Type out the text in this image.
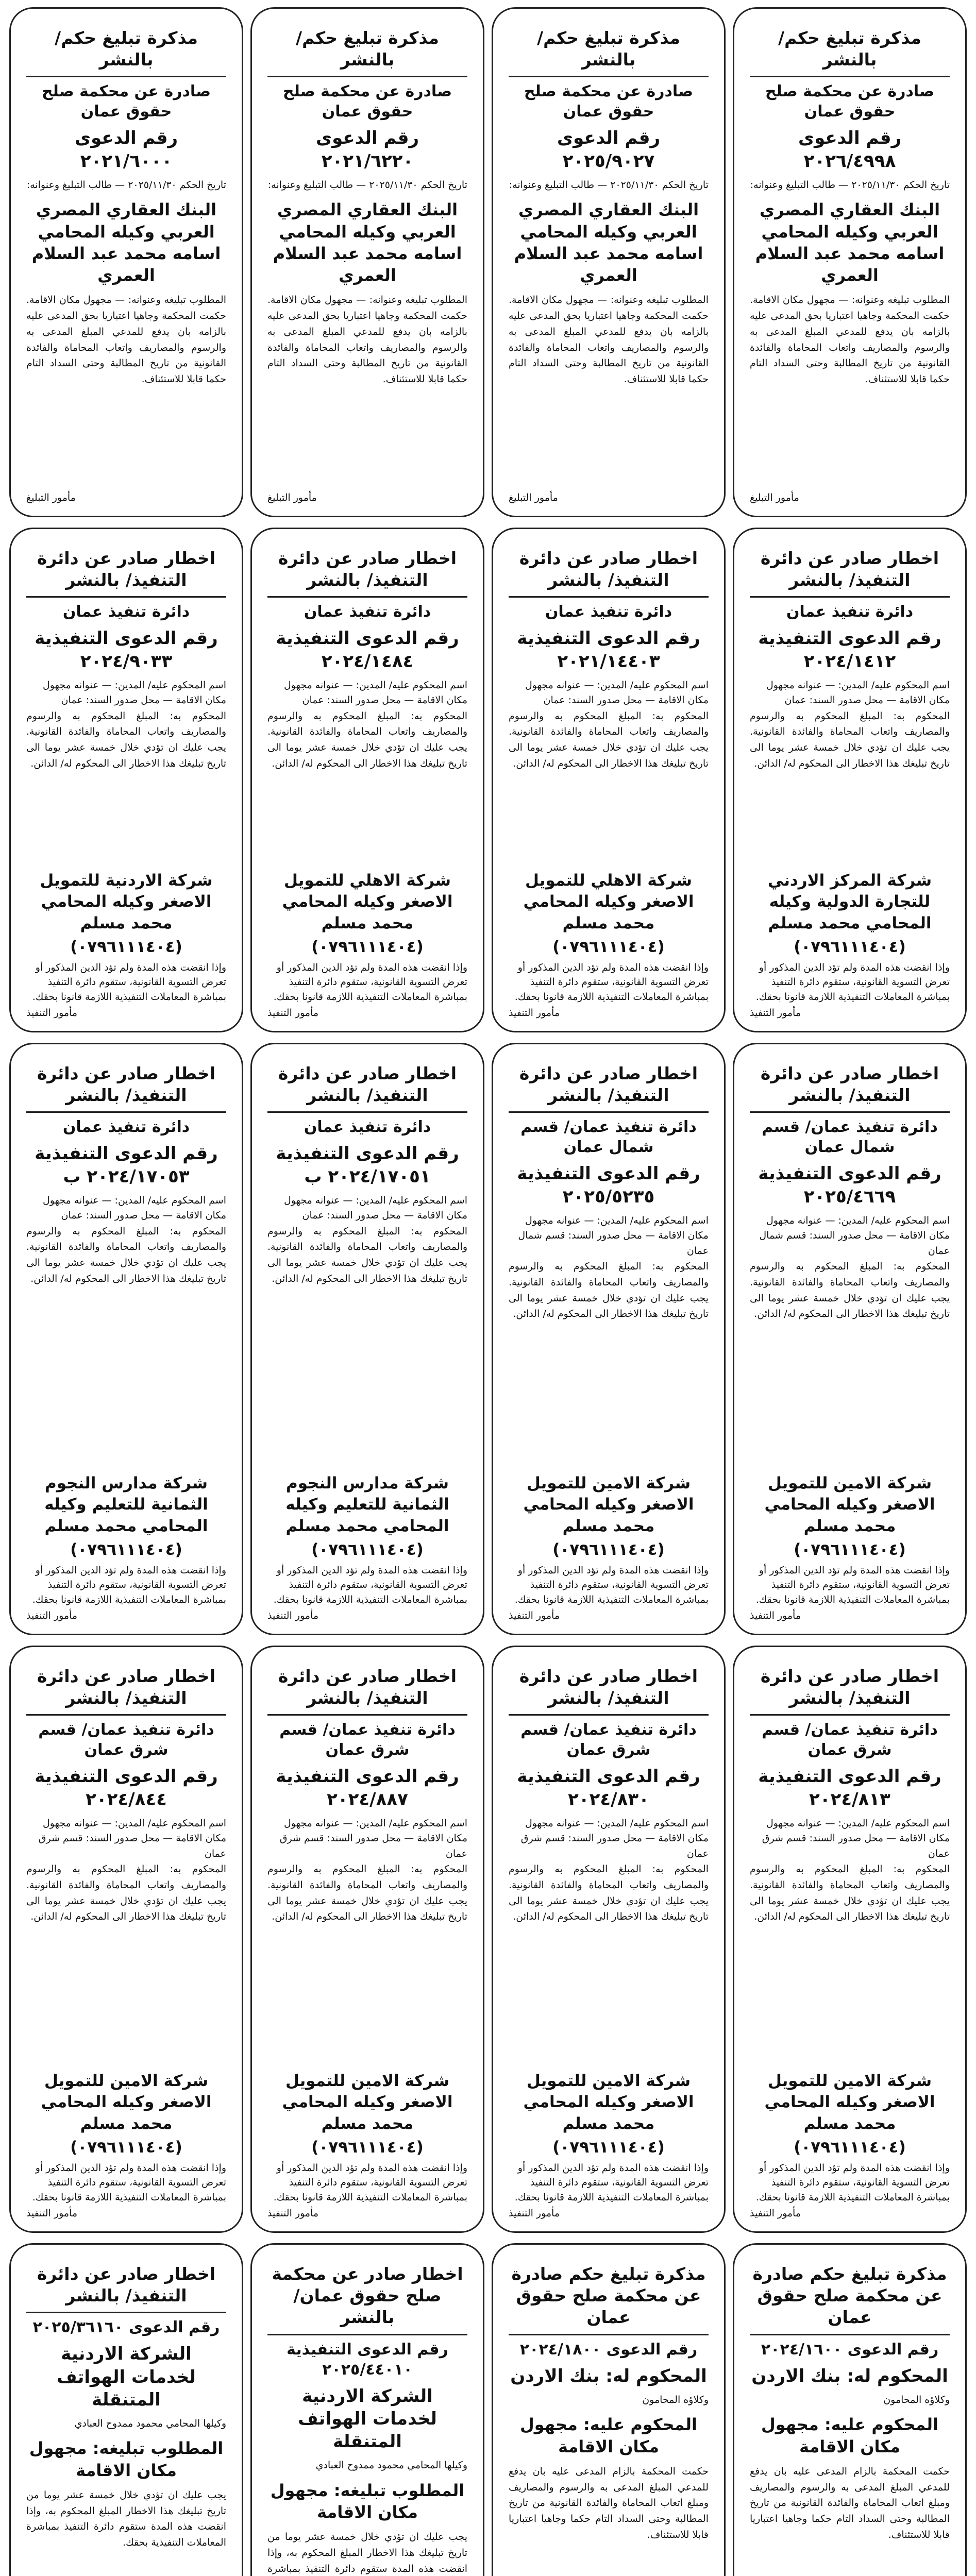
مذكرة تبليغ حكم/ بالنشر
صادرة عن محكمة صلح حقوق عمان
رقم الدعوى ٢٠٢٦/٤٩٩٨
تاريخ الحكم ٢٠٢٥/١١/٣٠ — طالب التبليغ وعنوانه:
البنك العقاري المصري العربي وكيله المحامي اسامه محمد عبد السلام العمري
المطلوب تبليغه وعنوانه: — مجهول مكان الاقامة. حكمت المحكمة وجاهيا اعتباريا بحق المدعى عليه بالزامه بان يدفع للمدعي المبلغ المدعى به والرسوم والمصاريف واتعاب المحاماة والفائدة القانونية من تاريخ المطالبة وحتى السداد التام حكما قابلا للاستئناف.
مأمور التبليغ
مذكرة تبليغ حكم/ بالنشر
صادرة عن محكمة صلح حقوق عمان
رقم الدعوى ٢٠٢٥/٩٠٢٧
تاريخ الحكم ٢٠٢٥/١١/٣٠ — طالب التبليغ وعنوانه:
البنك العقاري المصري العربي وكيله المحامي اسامه محمد عبد السلام العمري
المطلوب تبليغه وعنوانه: — مجهول مكان الاقامة. حكمت المحكمة وجاهيا اعتباريا بحق المدعى عليه بالزامه بان يدفع للمدعي المبلغ المدعى به والرسوم والمصاريف واتعاب المحاماة والفائدة القانونية من تاريخ المطالبة وحتى السداد التام حكما قابلا للاستئناف.
مأمور التبليغ
مذكرة تبليغ حكم/ بالنشر
صادرة عن محكمة صلح حقوق عمان
رقم الدعوى ٢٠٢١/٦٢٢٠
تاريخ الحكم ٢٠٢٥/١١/٣٠ — طالب التبليغ وعنوانه:
البنك العقاري المصري العربي وكيله المحامي اسامه محمد عبد السلام العمري
المطلوب تبليغه وعنوانه: — مجهول مكان الاقامة. حكمت المحكمة وجاهيا اعتباريا بحق المدعى عليه بالزامه بان يدفع للمدعي المبلغ المدعى به والرسوم والمصاريف واتعاب المحاماة والفائدة القانونية من تاريخ المطالبة وحتى السداد التام حكما قابلا للاستئناف.
مأمور التبليغ
مذكرة تبليغ حكم/ بالنشر
صادرة عن محكمة صلح حقوق عمان
رقم الدعوى ٢٠٢١/٦٠٠٠
تاريخ الحكم ٢٠٢٥/١١/٣٠ — طالب التبليغ وعنوانه:
البنك العقاري المصري العربي وكيله المحامي اسامه محمد عبد السلام العمري
المطلوب تبليغه وعنوانه: — مجهول مكان الاقامة. حكمت المحكمة وجاهيا اعتباريا بحق المدعى عليه بالزامه بان يدفع للمدعي المبلغ المدعى به والرسوم والمصاريف واتعاب المحاماة والفائدة القانونية من تاريخ المطالبة وحتى السداد التام حكما قابلا للاستئناف.
مأمور التبليغ
اخطار صادر عن دائرة التنفيذ/ بالنشر
دائرة تنفيذ عمان
رقم الدعوى التنفيذية ٢٠٢٤/١٤١٢
اسم المحكوم عليه/ المدين: — عنوانه مجهول مكان الاقامة — محل صدور السند: عمان
المحكوم به: المبلغ المحكوم به والرسوم والمصاريف واتعاب المحاماة والفائدة القانونية. يجب عليك ان تؤدي خلال خمسة عشر يوما الى تاريخ تبليغك هذا الاخطار الى المحكوم له/ الدائن.
شركة المركز الاردني للتجارة الدولية وكيله المحامي محمد مسلم
(٠٧٩٦١١١٤٠٤)
وإذا انقضت هذه المدة ولم تؤد الدين المذكور أو تعرض التسوية القانونية، ستقوم دائرة التنفيذ بمباشرة المعاملات التنفيذية اللازمة قانونا بحقك.
مأمور التنفيذ
اخطار صادر عن دائرة التنفيذ/ بالنشر
دائرة تنفيذ عمان
رقم الدعوى التنفيذية ٢٠٢١/١٤٤٠٣
اسم المحكوم عليه/ المدين: — عنوانه مجهول مكان الاقامة — محل صدور السند: عمان
المحكوم به: المبلغ المحكوم به والرسوم والمصاريف واتعاب المحاماة والفائدة القانونية. يجب عليك ان تؤدي خلال خمسة عشر يوما الى تاريخ تبليغك هذا الاخطار الى المحكوم له/ الدائن.
شركة الاهلي للتمويل الاصغر وكيله المحامي محمد مسلم
(٠٧٩٦١١١٤٠٤)
وإذا انقضت هذه المدة ولم تؤد الدين المذكور أو تعرض التسوية القانونية، ستقوم دائرة التنفيذ بمباشرة المعاملات التنفيذية اللازمة قانونا بحقك.
مأمور التنفيذ
اخطار صادر عن دائرة التنفيذ/ بالنشر
دائرة تنفيذ عمان
رقم الدعوى التنفيذية ٢٠٢٤/١٤٨٤
اسم المحكوم عليه/ المدين: — عنوانه مجهول مكان الاقامة — محل صدور السند: عمان
المحكوم به: المبلغ المحكوم به والرسوم والمصاريف واتعاب المحاماة والفائدة القانونية. يجب عليك ان تؤدي خلال خمسة عشر يوما الى تاريخ تبليغك هذا الاخطار الى المحكوم له/ الدائن.
شركة الاهلي للتمويل الاصغر وكيله المحامي محمد مسلم
(٠٧٩٦١١١٤٠٤)
وإذا انقضت هذه المدة ولم تؤد الدين المذكور أو تعرض التسوية القانونية، ستقوم دائرة التنفيذ بمباشرة المعاملات التنفيذية اللازمة قانونا بحقك.
مأمور التنفيذ
اخطار صادر عن دائرة التنفيذ/ بالنشر
دائرة تنفيذ عمان
رقم الدعوى التنفيذية ٢٠٢٤/٩٠٣٣
اسم المحكوم عليه/ المدين: — عنوانه مجهول مكان الاقامة — محل صدور السند: عمان
المحكوم به: المبلغ المحكوم به والرسوم والمصاريف واتعاب المحاماة والفائدة القانونية. يجب عليك ان تؤدي خلال خمسة عشر يوما الى تاريخ تبليغك هذا الاخطار الى المحكوم له/ الدائن.
شركة الاردنية للتمويل الاصغر وكيله المحامي محمد مسلم
(٠٧٩٦١١١٤٠٤)
وإذا انقضت هذه المدة ولم تؤد الدين المذكور أو تعرض التسوية القانونية، ستقوم دائرة التنفيذ بمباشرة المعاملات التنفيذية اللازمة قانونا بحقك.
مأمور التنفيذ
اخطار صادر عن دائرة التنفيذ/ بالنشر
دائرة تنفيذ عمان/ قسم شمال عمان
رقم الدعوى التنفيذية ٢٠٢٥/٤٦٦٩
اسم المحكوم عليه/ المدين: — عنوانه مجهول مكان الاقامة — محل صدور السند: قسم شمال عمان
المحكوم به: المبلغ المحكوم به والرسوم والمصاريف واتعاب المحاماة والفائدة القانونية. يجب عليك ان تؤدي خلال خمسة عشر يوما الى تاريخ تبليغك هذا الاخطار الى المحكوم له/ الدائن.
شركة الامين للتمويل الاصغر وكيله المحامي محمد مسلم
(٠٧٩٦١١١٤٠٤)
وإذا انقضت هذه المدة ولم تؤد الدين المذكور أو تعرض التسوية القانونية، ستقوم دائرة التنفيذ بمباشرة المعاملات التنفيذية اللازمة قانونا بحقك.
مأمور التنفيذ
اخطار صادر عن دائرة التنفيذ/ بالنشر
دائرة تنفيذ عمان/ قسم شمال عمان
رقم الدعوى التنفيذية ٢٠٢٥/٥٢٣٥
اسم المحكوم عليه/ المدين: — عنوانه مجهول مكان الاقامة — محل صدور السند: قسم شمال عمان
المحكوم به: المبلغ المحكوم به والرسوم والمصاريف واتعاب المحاماة والفائدة القانونية. يجب عليك ان تؤدي خلال خمسة عشر يوما الى تاريخ تبليغك هذا الاخطار الى المحكوم له/ الدائن.
شركة الامين للتمويل الاصغر وكيله المحامي محمد مسلم
(٠٧٩٦١١١٤٠٤)
وإذا انقضت هذه المدة ولم تؤد الدين المذكور أو تعرض التسوية القانونية، ستقوم دائرة التنفيذ بمباشرة المعاملات التنفيذية اللازمة قانونا بحقك.
مأمور التنفيذ
اخطار صادر عن دائرة التنفيذ/ بالنشر
دائرة تنفيذ عمان
رقم الدعوى التنفيذية ٢٠٢٤/١٧٠٥١ ب
اسم المحكوم عليه/ المدين: — عنوانه مجهول مكان الاقامة — محل صدور السند: عمان
المحكوم به: المبلغ المحكوم به والرسوم والمصاريف واتعاب المحاماة والفائدة القانونية. يجب عليك ان تؤدي خلال خمسة عشر يوما الى تاريخ تبليغك هذا الاخطار الى المحكوم له/ الدائن.
شركة مدارس النجوم الثمانية للتعليم وكيله المحامي محمد مسلم
(٠٧٩٦١١١٤٠٤)
وإذا انقضت هذه المدة ولم تؤد الدين المذكور أو تعرض التسوية القانونية، ستقوم دائرة التنفيذ بمباشرة المعاملات التنفيذية اللازمة قانونا بحقك.
مأمور التنفيذ
اخطار صادر عن دائرة التنفيذ/ بالنشر
دائرة تنفيذ عمان
رقم الدعوى التنفيذية ٢٠٢٤/١٧٠٥٣ ب
اسم المحكوم عليه/ المدين: — عنوانه مجهول مكان الاقامة — محل صدور السند: عمان
المحكوم به: المبلغ المحكوم به والرسوم والمصاريف واتعاب المحاماة والفائدة القانونية. يجب عليك ان تؤدي خلال خمسة عشر يوما الى تاريخ تبليغك هذا الاخطار الى المحكوم له/ الدائن.
شركة مدارس النجوم الثمانية للتعليم وكيله المحامي محمد مسلم
(٠٧٩٦١١١٤٠٤)
وإذا انقضت هذه المدة ولم تؤد الدين المذكور أو تعرض التسوية القانونية، ستقوم دائرة التنفيذ بمباشرة المعاملات التنفيذية اللازمة قانونا بحقك.
مأمور التنفيذ
اخطار صادر عن دائرة التنفيذ/ بالنشر
دائرة تنفيذ عمان/ قسم شرق عمان
رقم الدعوى التنفيذية ٢٠٢٤/٨١٣
اسم المحكوم عليه/ المدين: — عنوانه مجهول مكان الاقامة — محل صدور السند: قسم شرق عمان
المحكوم به: المبلغ المحكوم به والرسوم والمصاريف واتعاب المحاماة والفائدة القانونية. يجب عليك ان تؤدي خلال خمسة عشر يوما الى تاريخ تبليغك هذا الاخطار الى المحكوم له/ الدائن.
شركة الامين للتمويل الاصغر وكيله المحامي محمد مسلم
(٠٧٩٦١١١٤٠٤)
وإذا انقضت هذه المدة ولم تؤد الدين المذكور أو تعرض التسوية القانونية، ستقوم دائرة التنفيذ بمباشرة المعاملات التنفيذية اللازمة قانونا بحقك.
مأمور التنفيذ
اخطار صادر عن دائرة التنفيذ/ بالنشر
دائرة تنفيذ عمان/ قسم شرق عمان
رقم الدعوى التنفيذية ٢٠٢٤/٨٣٠
اسم المحكوم عليه/ المدين: — عنوانه مجهول مكان الاقامة — محل صدور السند: قسم شرق عمان
المحكوم به: المبلغ المحكوم به والرسوم والمصاريف واتعاب المحاماة والفائدة القانونية. يجب عليك ان تؤدي خلال خمسة عشر يوما الى تاريخ تبليغك هذا الاخطار الى المحكوم له/ الدائن.
شركة الامين للتمويل الاصغر وكيله المحامي محمد مسلم
(٠٧٩٦١١١٤٠٤)
وإذا انقضت هذه المدة ولم تؤد الدين المذكور أو تعرض التسوية القانونية، ستقوم دائرة التنفيذ بمباشرة المعاملات التنفيذية اللازمة قانونا بحقك.
مأمور التنفيذ
اخطار صادر عن دائرة التنفيذ/ بالنشر
دائرة تنفيذ عمان/ قسم شرق عمان
رقم الدعوى التنفيذية ٢٠٢٤/٨٨٧
اسم المحكوم عليه/ المدين: — عنوانه مجهول مكان الاقامة — محل صدور السند: قسم شرق عمان
المحكوم به: المبلغ المحكوم به والرسوم والمصاريف واتعاب المحاماة والفائدة القانونية. يجب عليك ان تؤدي خلال خمسة عشر يوما الى تاريخ تبليغك هذا الاخطار الى المحكوم له/ الدائن.
شركة الامين للتمويل الاصغر وكيله المحامي محمد مسلم
(٠٧٩٦١١١٤٠٤)
وإذا انقضت هذه المدة ولم تؤد الدين المذكور أو تعرض التسوية القانونية، ستقوم دائرة التنفيذ بمباشرة المعاملات التنفيذية اللازمة قانونا بحقك.
مأمور التنفيذ
اخطار صادر عن دائرة التنفيذ/ بالنشر
دائرة تنفيذ عمان/ قسم شرق عمان
رقم الدعوى التنفيذية ٢٠٢٤/٨٤٤
اسم المحكوم عليه/ المدين: — عنوانه مجهول مكان الاقامة — محل صدور السند: قسم شرق عمان
المحكوم به: المبلغ المحكوم به والرسوم والمصاريف واتعاب المحاماة والفائدة القانونية. يجب عليك ان تؤدي خلال خمسة عشر يوما الى تاريخ تبليغك هذا الاخطار الى المحكوم له/ الدائن.
شركة الامين للتمويل الاصغر وكيله المحامي محمد مسلم
(٠٧٩٦١١١٤٠٤)
وإذا انقضت هذه المدة ولم تؤد الدين المذكور أو تعرض التسوية القانونية، ستقوم دائرة التنفيذ بمباشرة المعاملات التنفيذية اللازمة قانونا بحقك.
مأمور التنفيذ
مذكرة تبليغ حكم صادرة عن محكمة صلح حقوق عمان
رقم الدعوى ٢٠٢٤/١٦٠٠
المحكوم له: بنك الاردن
وكلاؤه المحامون
المحكوم عليه: مجهول مكان الاقامة
حكمت المحكمة بالزام المدعى عليه بان يدفع للمدعي المبلغ المدعى به والرسوم والمصاريف ومبلغ اتعاب المحاماة والفائدة القانونية من تاريخ المطالبة وحتى السداد التام حكما وجاهيا اعتباريا قابلا للاستئناف.
مذكرة تبليغ حكم صادرة عن محكمة صلح حقوق عمان
رقم الدعوى ٢٠٢٤/١٨٠٠
المحكوم له: بنك الاردن
وكلاؤه المحامون
المحكوم عليه: مجهول مكان الاقامة
حكمت المحكمة بالزام المدعى عليه بان يدفع للمدعي المبلغ المدعى به والرسوم والمصاريف ومبلغ اتعاب المحاماة والفائدة القانونية من تاريخ المطالبة وحتى السداد التام حكما وجاهيا اعتباريا قابلا للاستئناف.
اخطار صادر عن محكمة صلح حقوق عمان/ بالنشر
رقم الدعوى التنفيذية ٢٠٢٥/٤٤٠١٠
الشركة الاردنية لخدمات الهواتف المتنقلة
وكيلها المحامي محمود ممدوح العبادي
المطلوب تبليغه: مجهول مكان الاقامة
يجب عليك ان تؤدي خلال خمسة عشر يوما من تاريخ تبليغك هذا الاخطار المبلغ المحكوم به، وإذا انقضت هذه المدة ستقوم دائرة التنفيذ بمباشرة
اخطار صادر عن دائرة التنفيذ/ بالنشر
رقم الدعوى ٢٠٢٥/٣٦١٦٠
الشركة الاردنية لخدمات الهواتف المتنقلة
وكيلها المحامي محمود ممدوح العبادي
المطلوب تبليغه: مجهول مكان الاقامة
يجب عليك ان تؤدي خلال خمسة عشر يوما من تاريخ تبليغك هذا الاخطار المبلغ المحكوم به، وإذا انقضت هذه المدة ستقوم دائرة التنفيذ بمباشرة المعاملات التنفيذية بحقك.
